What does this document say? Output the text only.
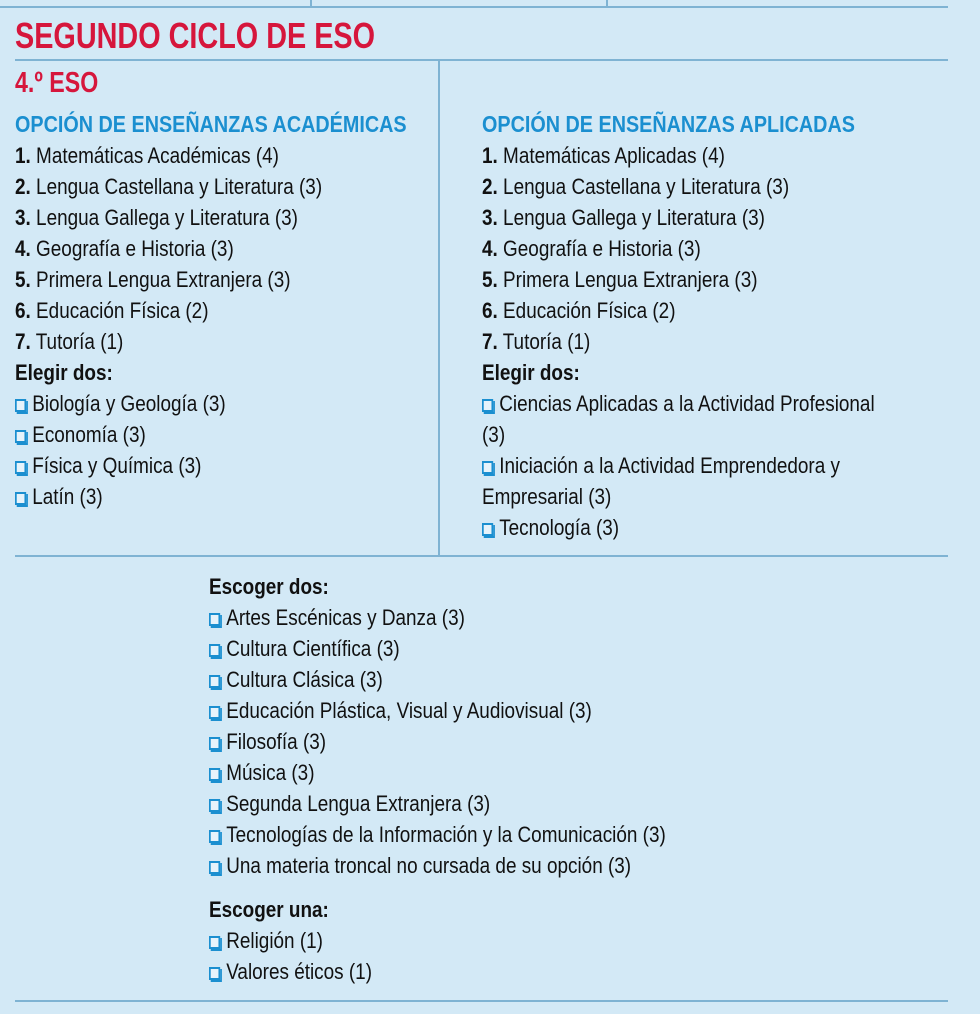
SEGUNDO CICLO DE ESO
4.º ESO
OPCIÓN DE ENSEÑANZAS ACADÉMICAS
1. Matemáticas Académicas (4)
2. Lengua Castellana y Literatura (3)
3. Lengua Gallega y Literatura (3)
4. Geografía e Historia (3)
5. Primera Lengua Extranjera (3)
6. Educación Física (2)
7. Tutoría (1)
Elegir dos:
Biología y Geología (3)
Economía (3)
Física y Química (3)
Latín (3)
OPCIÓN DE ENSEÑANZAS APLICADAS
1. Matemáticas Aplicadas (4)
2. Lengua Castellana y Literatura (3)
3. Lengua Gallega y Literatura (3)
4. Geografía e Historia (3)
5. Primera Lengua Extranjera (3)
6. Educación Física (2)
7. Tutoría (1)
Elegir dos:
Ciencias Aplicadas a la Actividad Profesional
(3)
Iniciación a la Actividad Emprendedora y
Empresarial (3)
Tecnología (3)
Escoger dos:
Artes Escénicas y Danza (3)
Cultura Científica (3)
Cultura Clásica (3)
Educación Plástica, Visual y Audiovisual (3)
Filosofía (3)
Música (3)
Segunda Lengua Extranjera (3)
Tecnologías de la Información y la Comunicación (3)
Una materia troncal no cursada de su opción (3)
Escoger una:
Religión (1)
Valores éticos (1)
